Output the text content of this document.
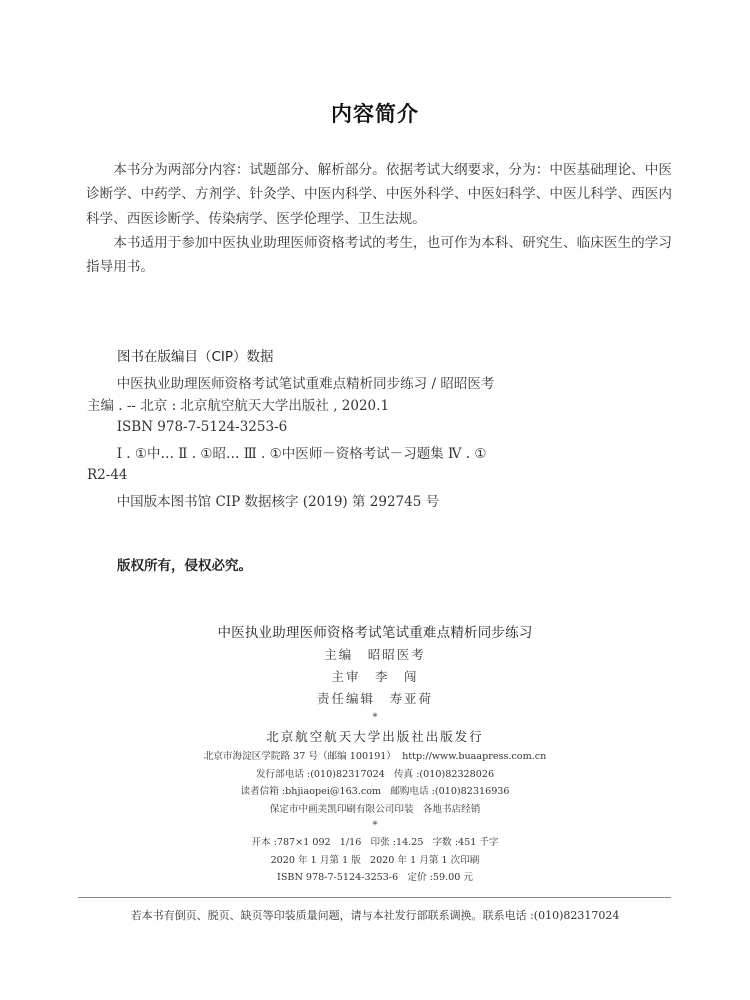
内容简介

本书分为两部分内容：试题部分、解析部分。依据考试大纲要求，分为：中医基础理论、中医诊断学、中药学、方剂学、针灸学、中医内科学、中医外科学、中医妇科学、中医儿科学、西医内科学、西医诊断学、传染病学、医学伦理学、卫生法规。

本书适用于参加中医执业助理医师资格考试的考生，也可作为本科、研究生、临床医生的学习指导用书。

图书在版编目（CIP）数据

中医执业助理医师资格考试笔试重难点精析同步练习 / 昭昭医考主编 . -- 北京 : 北京航空航天大学出版社 , 2020.1

ISBN 978-7-5124-3253-6

Ⅰ . ①中… Ⅱ . ①昭… Ⅲ . ①中医师－资格考试－习题集 Ⅳ . ① R2-44

中国版本图书馆 CIP 数据核字 (2019) 第 292745 号

版权所有，侵权必究。
中医执业助理医师资格考试笔试重难点精析同步练习
主编　昭昭医考
主审　李　闯
责任编辑　寿亚荷
*
北京航空航天大学出版社出版发行
北京市海淀区学院路 37 号（邮编 100191）  http://www.buaapress.com.cn
发行部电话 :(010)82317024   传真 :(010)82328026
读者信箱 :bhjiaopei@163.com   邮购电话 :(010)82316936
保定市中画美凯印刷有限公司印装   各地书店经销
*
开本 :787×1 092   1/16   印张 :14.25   字数 :451 千字
2020 年 1 月第 1 版   2020 年 1 月第 1 次印刷
ISBN 978-7-5124-3253-6   定价 :59.00 元
若本书有倒页、脱页、缺页等印装质量问题，请与本社发行部联系调换。联系电话 :(010)82317024
